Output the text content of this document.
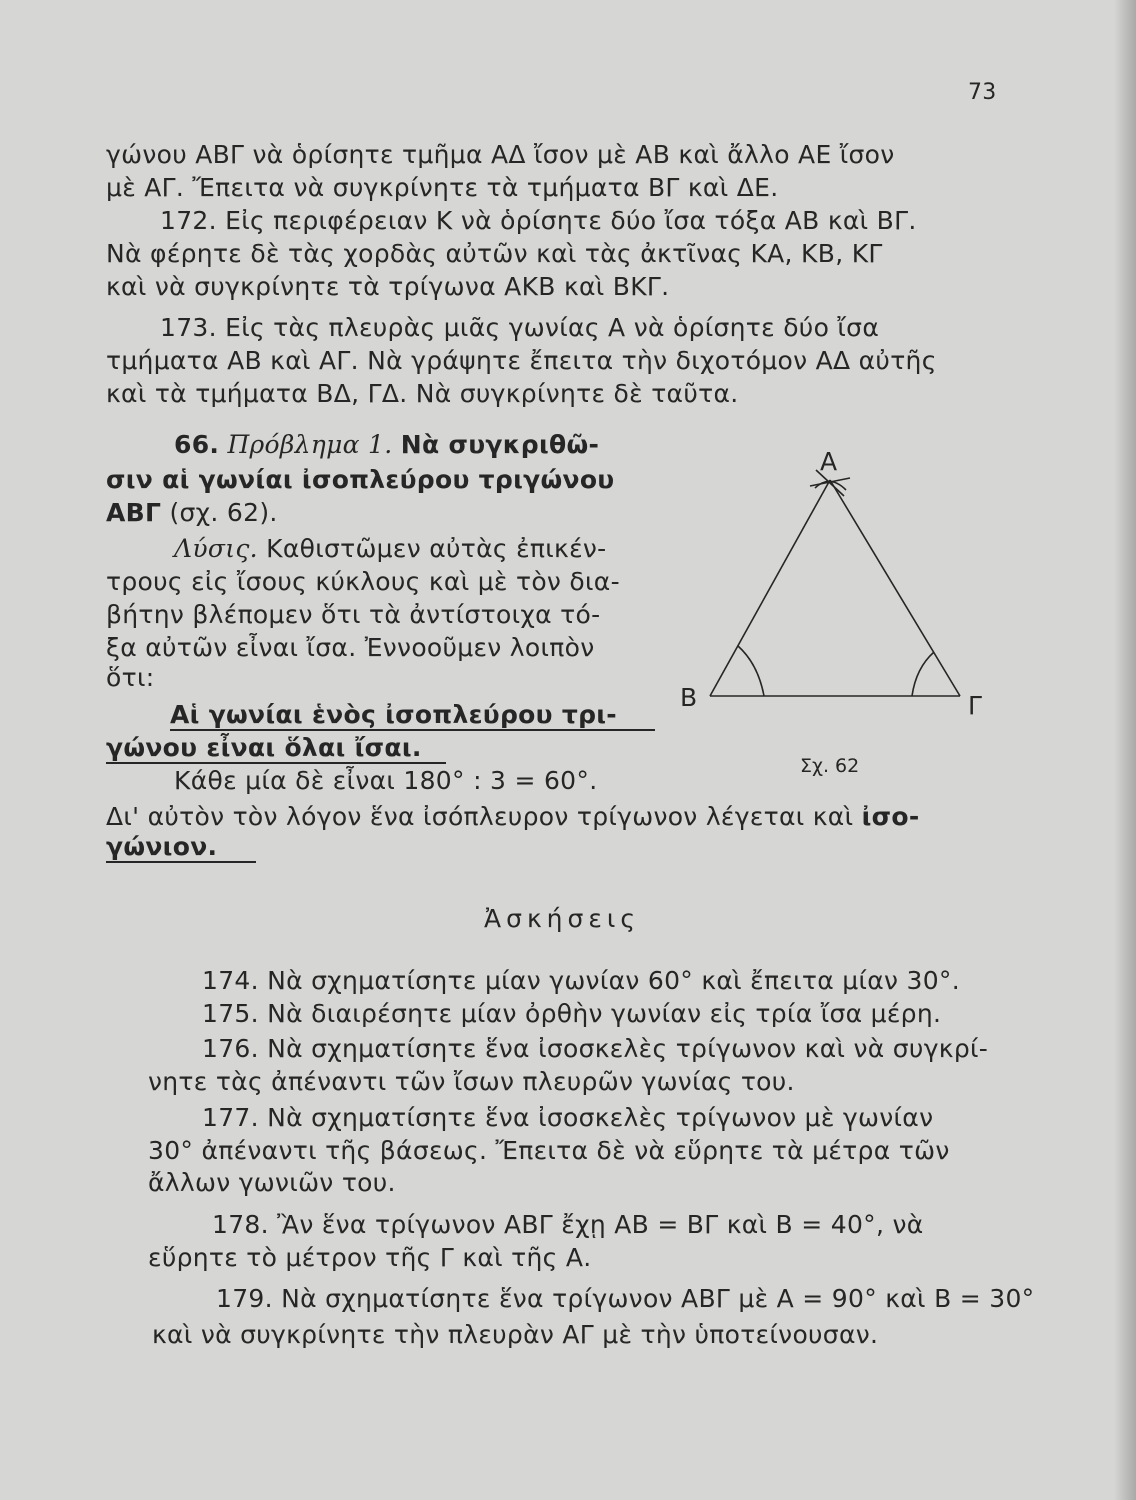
73
γώνου ΑΒΓ νὰ ὁρίσητε τμῆμα ΑΔ ἴσον μὲ ΑΒ καὶ ἄλλο ΑΕ ἴσον
μὲ ΑΓ. Ἔπειτα νὰ συγκρίνητε τὰ τμήματα ΒΓ καὶ ΔΕ.
172. Εἰς περιφέρειαν Κ νὰ ὁρίσητε δύο ἴσα τόξα ΑΒ καὶ ΒΓ.
Νὰ φέρητε δὲ τὰς χορδὰς αὐτῶν καὶ τὰς ἀκτῖνας ΚΑ, ΚΒ, ΚΓ
καὶ νὰ συγκρίνητε τὰ τρίγωνα ΑΚΒ καὶ ΒΚΓ.
173. Εἰς τὰς πλευρὰς μιᾶς γωνίας Α νὰ ὁρίσητε δύο ἴσα
τμήματα ΑΒ καὶ ΑΓ. Νὰ γράψητε ἔπειτα τὴν διχοτόμον ΑΔ αὐτῆς
καὶ τὰ τμήματα ΒΔ, ΓΔ. Νὰ συγκρίνητε δὲ ταῦτα.
66. Πρόβλημα 1. Νὰ συγκριθῶ-
σιν αἱ γωνίαι ἰσοπλεύρου τριγώνου
ΑΒΓ (σχ. 62).
Λύσις. Καθιστῶμεν αὐτὰς ἐπικέν-
τρους εἰς ἴσους κύκλους καὶ μὲ τὸν δια-
βήτην βλέπομεν ὅτι τὰ ἀντίστοιχα τό-
ξα αὐτῶν εἶναι ἴσα. Ἐννοοῦμεν λοιπὸν
ὅτι:
Αἱ γωνίαι ἑνὸς ἰσοπλεύρου τρι-
γώνου εἶναι ὅλαι ἴσαι.
Κάθε μία δὲ εἶναι 180° : 3 = 60°.
Δι' αὐτὸν τὸν λόγον ἕνα ἰσόπλευρον τρίγωνον λέγεται καὶ ἰσο-
γώνιον.
Α
Β	Γ
Σχ. 62
Ἀσκήσεις
174. Νὰ σχηματίσητε μίαν γωνίαν 60° καὶ ἔπειτα μίαν 30°.
175. Νὰ διαιρέσητε μίαν ὀρθὴν γωνίαν εἰς τρία ἴσα μέρη.
176. Νὰ σχηματίσητε ἕνα ἰσοσκελὲς τρίγωνον καὶ νὰ συγκρί-
νητε τὰς ἀπέναντι τῶν ἴσων πλευρῶν γωνίας του.
177. Νὰ σχηματίσητε ἕνα ἰσοσκελὲς τρίγωνον μὲ γωνίαν
30° ἀπέναντι τῆς βάσεως. Ἔπειτα δὲ νὰ εὕρητε τὰ μέτρα τῶν
ἄλλων γωνιῶν του.
178. Ἂν ἕνα τρίγωνον ΑΒΓ ἔχῃ ΑΒ = ΒΓ καὶ Β = 40°, νὰ
εὕρητε τὸ μέτρον τῆς Γ καὶ τῆς Α.
179. Νὰ σχηματίσητε ἕνα τρίγωνον ΑΒΓ μὲ Α = 90° καὶ Β = 30°
καὶ νὰ συγκρίνητε τὴν πλευρὰν ΑΓ μὲ τὴν ὑποτείνουσαν.
